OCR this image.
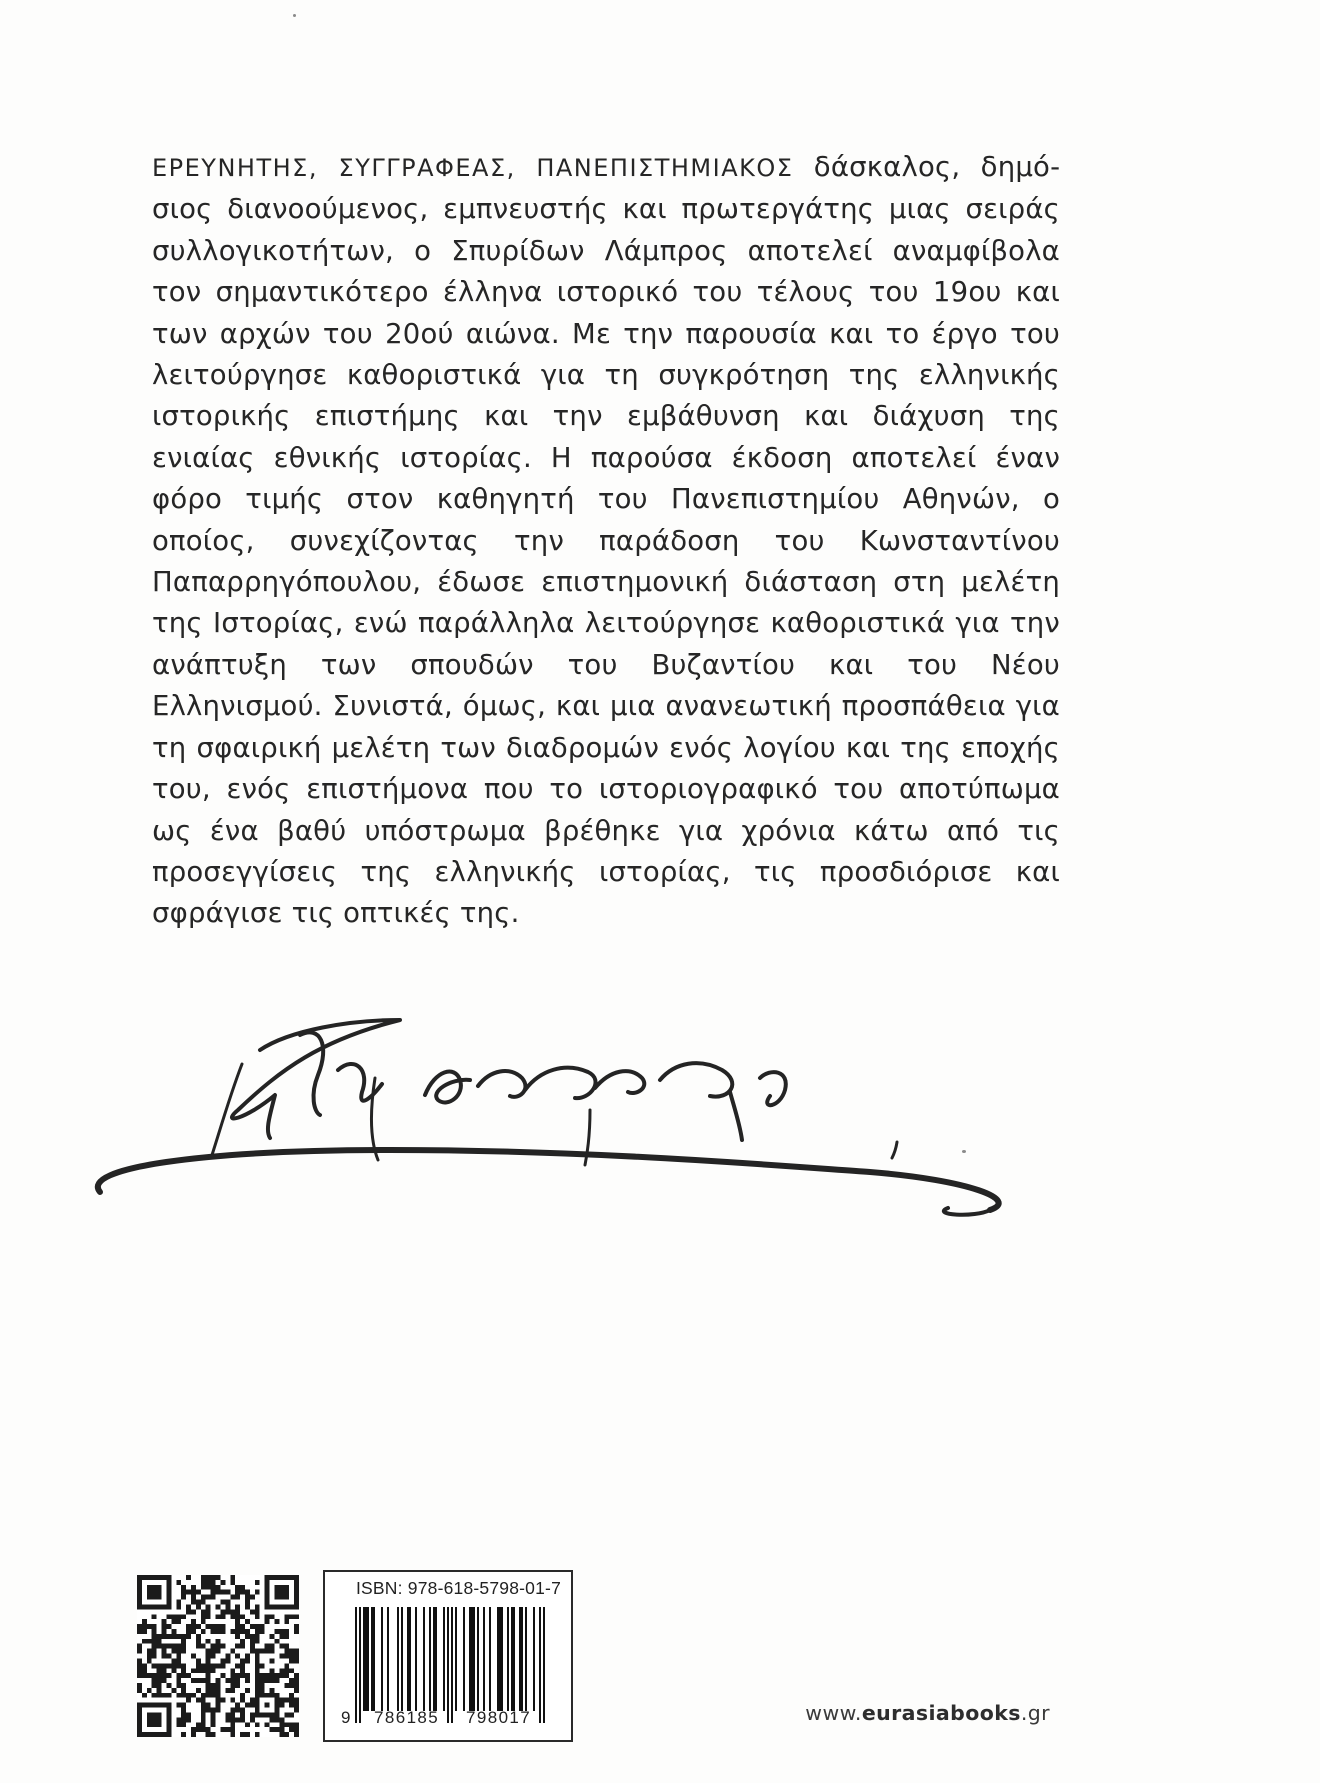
ΕΡΕΥΝΗΤΗΣ, ΣΥΓΓΡΑΦΕΑΣ, ΠΑΝΕΠΙΣΤΗΜΙΑΚΟΣ δάσκαλος, δημόσιος διανοούμενος, εμπνευστής και πρωτεργάτης μιας σειράς συλλογικοτήτων, ο Σπυρίδων Λάμπρος αποτελεί αναμφίβολα τον σημαντικότερο έλληνα ιστορικό του τέλους του 19ου και των αρχών του 20ού αιώνα. Με την παρουσία και το έργο του λειτούργησε καθοριστικά για τη συγκρότηση της ελληνικής ιστορικής επιστήμης και την εμβάθυνση και διάχυση της ενιαίας εθνικής ιστορίας. Η παρούσα έκδοση αποτελεί έναν φόρο τιμής στον καθηγητή του Πανεπιστημίου Αθηνών, ο οποίος, συνεχίζοντας την παράδοση του Κωνσταντίνου Παπαρρηγόπουλου, έδωσε επιστημονική διάσταση στη μελέτη της Ιστορίας, ενώ παράλληλα λειτούργησε καθοριστικά για την ανάπτυξη των σπουδών του Βυζαντίου και του Νέου Ελληνισμού. Συνιστά, όμως, και μια ανανεωτική προσπάθεια για τη σφαιρική μελέτη των διαδρομών ενός λογίου και της εποχής του, ενός επιστήμονα που το ιστοριογραφικό του αποτύπωμα ως ένα βαθύ υπόστρωμα βρέθηκε για χρόνια κάτω από τις προσεγγίσεις της ελληνικής ιστορίας, τις προσδιόρισε και σφράγισε τις οπτικές της.

ISBN: 978-618-5798-01-7
9 786185 798017	www.eurasiabooks.gr
